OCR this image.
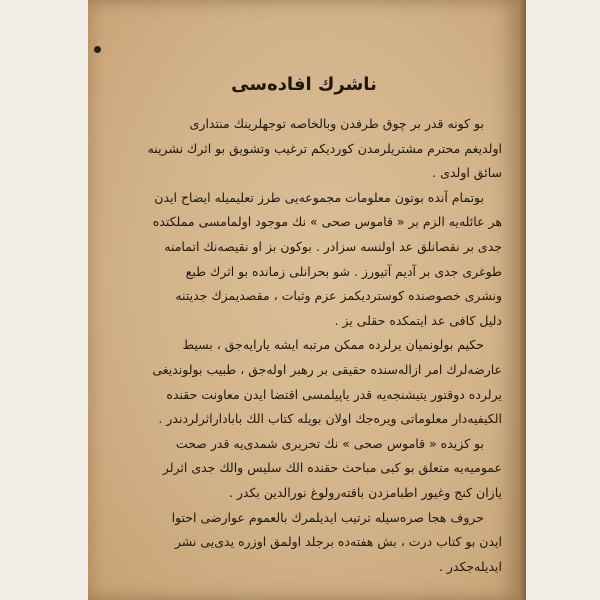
ناشرك افاده‌سی
بو كونه قدر بر چوق طرفدن وبالخاصه توجهلرينك منتدارى
اولدیغم محترم مشتریلرمدن كوردیكم ترغيب وتشويق بو اثرك نشرینه
سائق اولدى .
بوتمام آنده بوتون معلومات مجموعه‌یی طرز تعلیمیله ایضاح ایدن
هر عائله‌یه الزم بر « قاموس صحی » نك موجود اولمامسی مملكتده
جدی بر نقصانلق عد اولنسه سزادر . بوكون بز او نقیصه‌نك اتمامنه
طوغری جدی بر آدیم آتیورز . شو بحرانلی زمانده بو اثرك طبع
ونشری خصوصنده كوستردیكمز عزم وثبات ، مقصدیمزك جدیتنه
دلیل كافی عد ایتمكده حقلی یز .
حكیم بولونمیان یرلرده ممكن مرتبه ایشه یارایه‌جق ، بسیط
عارضه‌لرك امر ازاله‌سنده حقیقی بر رهبر اوله‌جق ، طبیب بولوندیغی
یرلرده دوقتور یتیشنجه‌یه قدر یاپیلمسی اقتضا ایدن معاونت حقنده
الكیفیه‌دار معلوماتی ویره‌جك اولان بویله كتاب الك باباداراثرلردندر .
بو كزیده « قاموس صحی » نك تحریری شمدی‌یه قدر صحت
عمومیه‌یه متعلق بو كبی مباحث حقنده الك سلیس والك جدی اثرلر
یازان كنج وغیور اطبامزدن باقته‌رولوغ نورالدین بكدر .
حروف هجا صره‌سیله ترتیب ایدیلمرك بالعموم عوارضی احتوا
ایدن بو كتاب درت ، بش هفته‌ده برجلد اولمق اوزره یدی‌یی نشر
ایدیله‌جكدر .
